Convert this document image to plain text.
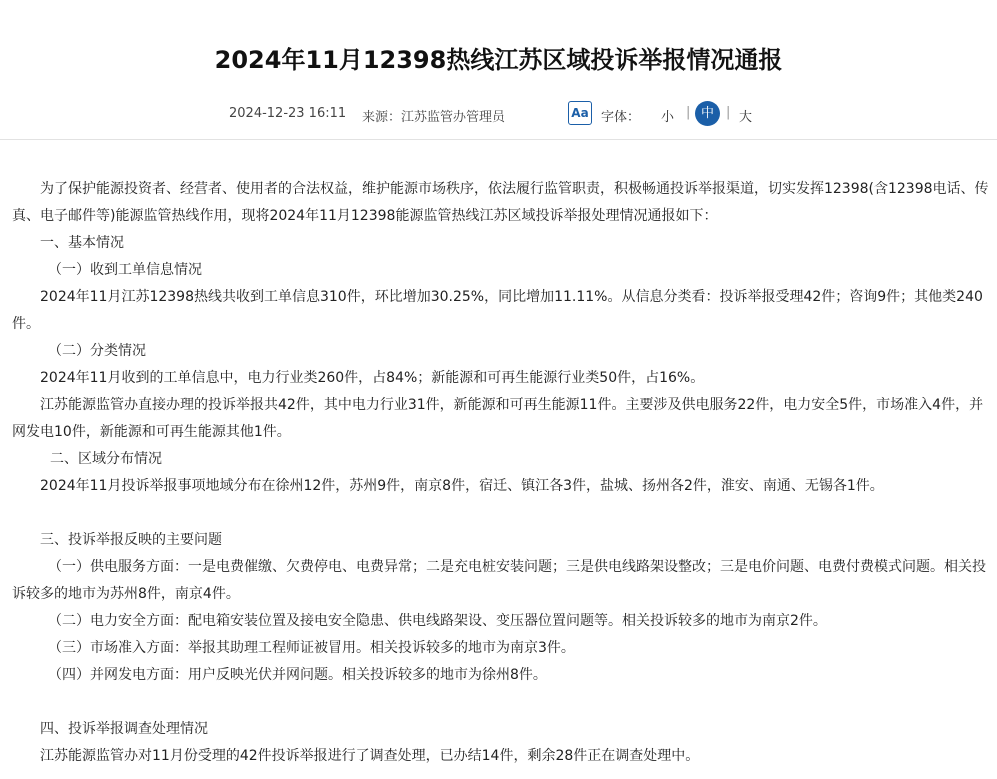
2024年11月12398热线江苏区域投诉举报情况通报
2024-12-23 16:11 来源：江苏监管办管理员	Aa 字体： 小 | 中 | 大

为了保护能源投资者、经营者、使用者的合法权益，维护能源市场秩序，依法履行监管职责，积极畅通投诉举报渠道，切实发挥12398(含12398电话、传真、电子邮件等)能源监管热线作用，现将2024年11月12398能源监管热线江苏区域投诉举报处理情况通报如下：

一、基本情况

（一）收到工单信息情况

2024年11月江苏12398热线共收到工单信息310件，环比增加30.25%，同比增加11.11%。从信息分类看：投诉举报受理42件；咨询9件；其他类240件。

（二）分类情况

2024年11月收到的工单信息中，电力行业类260件，占84%；新能源和可再生能源行业类50件，占16%。

江苏能源监管办直接办理的投诉举报共42件，其中电力行业31件，新能源和可再生能源11件。主要涉及供电服务22件，电力安全5件，市场准入4件，并网发电10件，新能源和可再生能源其他1件。

二、区域分布情况

2024年11月投诉举报事项地域分布在徐州12件，苏州9件，南京8件，宿迁、镇江各3件，盐城、扬州各2件，淮安、南通、无锡各1件。

三、投诉举报反映的主要问题

（一）供电服务方面：一是电费催缴、欠费停电、电费异常；二是充电桩安装问题；三是供电线路架设整改；三是电价问题、电费付费模式问题。相关投诉较多的地市为苏州8件，南京4件。

（二）电力安全方面：配电箱安装位置及接电安全隐患、供电线路架设、变压器位置问题等。相关投诉较多的地市为南京2件。

（三）市场准入方面：举报其助理工程师证被冒用。相关投诉较多的地市为南京3件。

（四）并网发电方面：用户反映光伏并网问题。相关投诉较多的地市为徐州8件。

四、投诉举报调查处理情况

江苏能源监管办对11月份受理的42件投诉举报进行了调查处理，已办结14件，剩余28件正在调查处理中。
